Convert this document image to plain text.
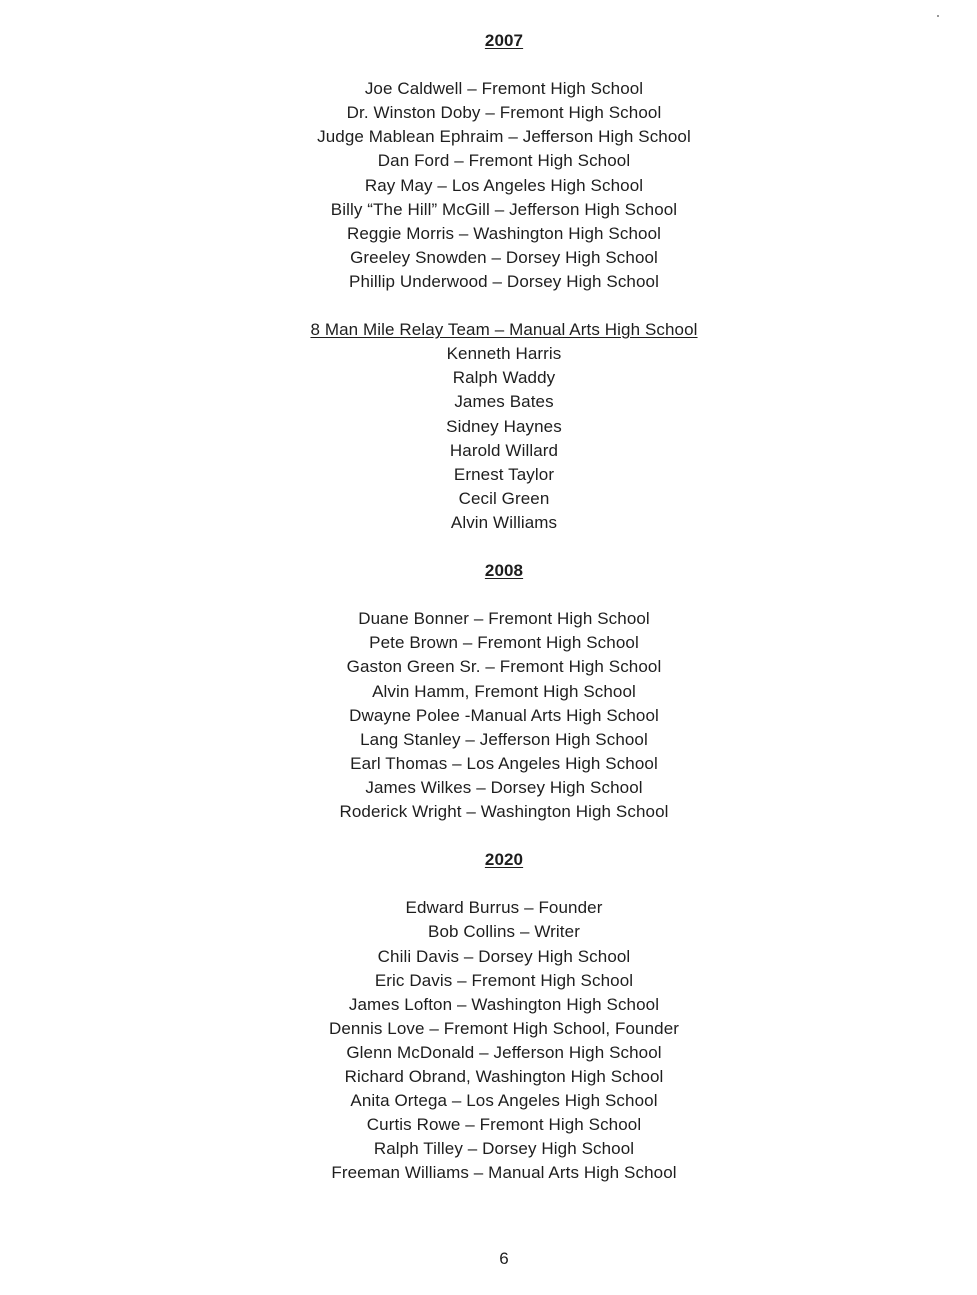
2007
Joe Caldwell – Fremont High School
Dr. Winston Doby – Fremont High School
Judge Mablean Ephraim – Jefferson High School
Dan Ford – Fremont High School
Ray May – Los Angeles High School
Billy “The Hill” McGill – Jefferson High School
Reggie Morris – Washington High School
Greeley Snowden – Dorsey High School
Phillip Underwood – Dorsey High School
8 Man Mile Relay Team – Manual Arts High School
Kenneth Harris
Ralph Waddy
James Bates
Sidney Haynes
Harold Willard
Ernest Taylor
Cecil Green
Alvin Williams
2008
Duane Bonner – Fremont High School
Pete Brown – Fremont High School
Gaston Green Sr. – Fremont High School
Alvin Hamm, Fremont High School
Dwayne Polee -Manual Arts High School
Lang Stanley – Jefferson High School
Earl Thomas – Los Angeles High School
James Wilkes – Dorsey High School
Roderick Wright – Washington High School
2020
Edward Burrus – Founder
Bob Collins – Writer
Chili Davis – Dorsey High School
Eric Davis – Fremont High School
James Lofton – Washington High School
Dennis Love – Fremont High School, Founder
Glenn McDonald – Jefferson High School
Richard Obrand, Washington High School
Anita Ortega – Los Angeles High School
Curtis Rowe – Fremont High School
Ralph Tilley – Dorsey High School
Freeman Williams – Manual Arts High School
6
